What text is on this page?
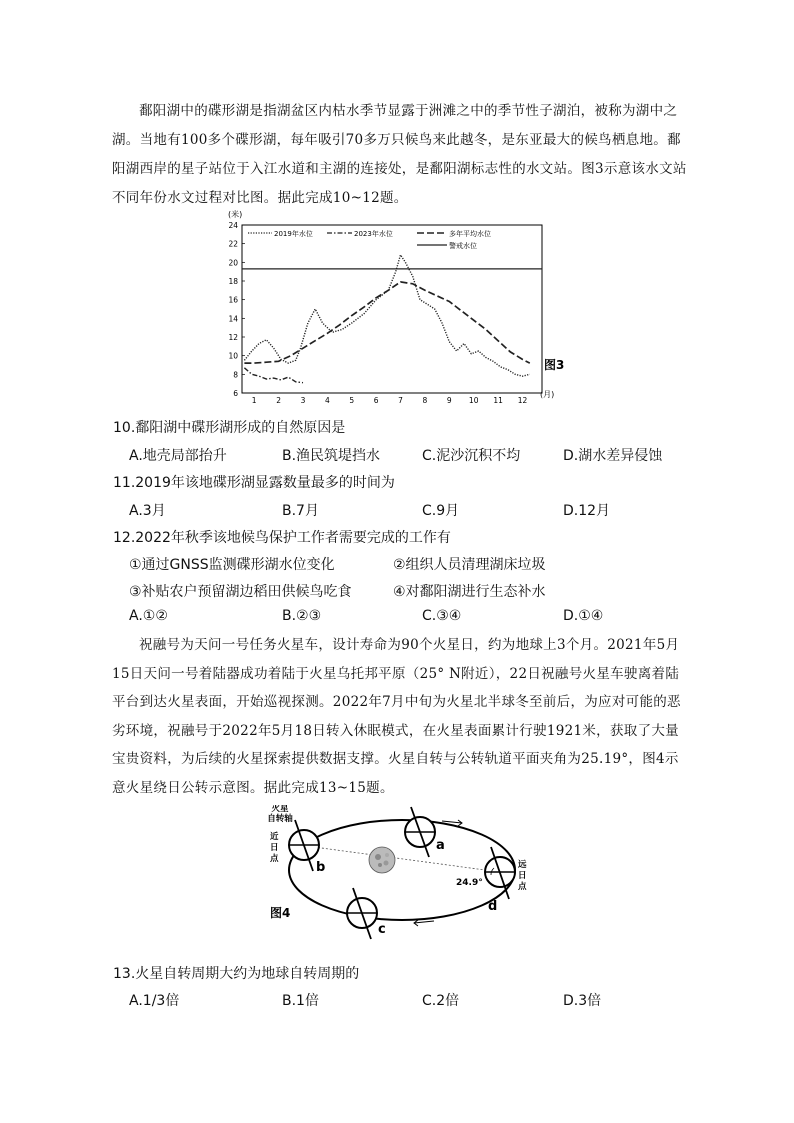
鄱阳湖中的碟形湖是指湖盆区内枯水季节显露于洲滩之中的季节性子湖泊，被称为湖中之湖。当地有100多个碟形湖，每年吸引70多万只候鸟来此越冬，是东亚最大的候鸟栖息地。鄱阳湖西岸的星子站位于入江水道和主湖的连接处，是鄱阳湖标志性的水文站。图3示意该水文站不同年份水文过程对比图。据此完成10~12题。

(米)
24
22
20
18
16
14
12
10
8
6
1	2	3	4	5	6	7	8	9 10 11 12
2019年水位	2023年水位	多年平均水位
警戒水位
(月)
图3
10.鄱阳湖中碟形湖形成的自然原因是
A.地壳局部抬升	B.渔民筑堤挡水	C.泥沙沉积不均	D.湖水差异侵蚀
11.2019年该地碟形湖显露数量最多的时间为
A.3月	B.7月	C.9月	D.12月
12.2022年秋季该地候鸟保护工作者需要完成的工作有
①通过GNSS监测碟形湖水位变化	②组织人员清理湖床垃圾
③补贴农户预留湖边稻田供候鸟吃食	④对鄱阳湖进行生态补水
A.①②	B.②③	C.③④	D.①④

祝融号为天问一号任务火星车，设计寿命为90个火星日，约为地球上3个月。2021年5月15日天问一号着陆器成功着陆于火星乌托邦平原（25° N附近），22日祝融号火星车驶离着陆平台到达火星表面，开始巡视探测。2022年7月中旬为火星北半球冬至前后，为应对可能的恶劣环境，祝融号于2022年5月18日转入休眠模式，在火星表面累计行驶1921米，获取了大量宝贵资料，为后续的火星探索提供数据支撑。火星自转与公转轨道平面夹角为25.19°，图4示意火星绕日公转示意图。据此完成13~15题。

火星
自转轴
近
日
点
远
日
点
24.9°
a
b
c
d
图4
13.火星自转周期大约为地球自转周期的
A.1/3倍	B.1倍	C.2倍	D.3倍
